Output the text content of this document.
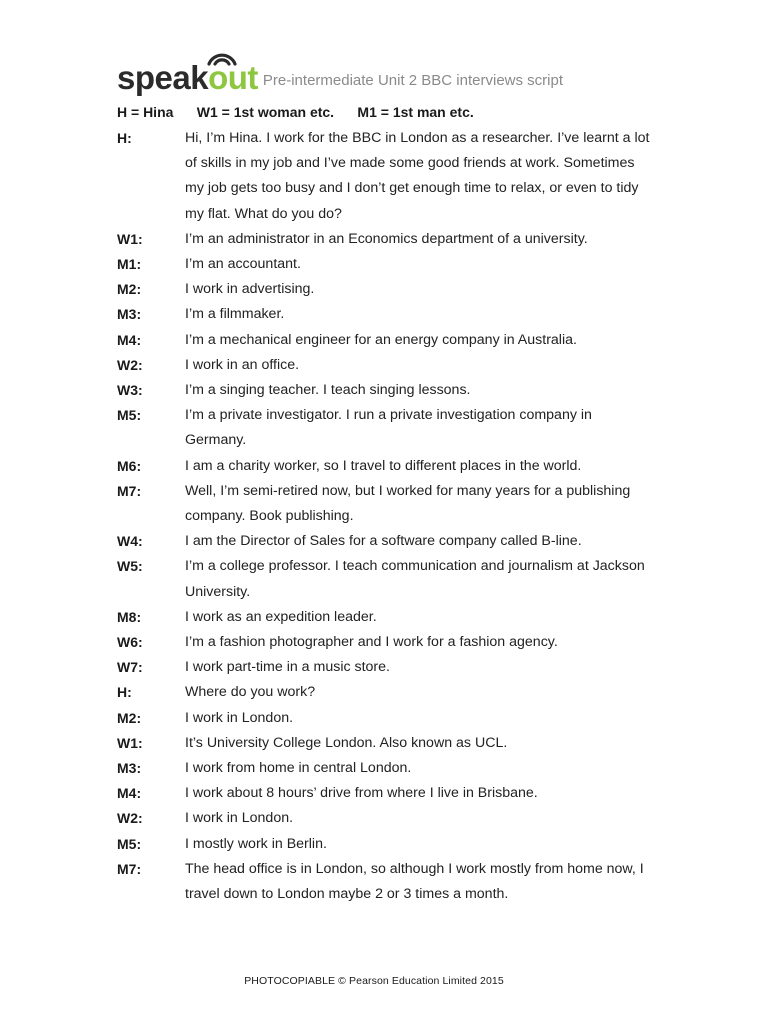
speak out Pre-intermediate Unit 2 BBC interviews script
H = Hina W1 = 1st woman etc. M1 = 1st man etc.
H:	Hi, I’m Hina. I work for the BBC in London as a researcher. I’ve learnt a lot of skills in my job and I’ve made some good friends at work. Sometimes my job gets too busy and I don’t get enough time to relax, or even to tidy my flat. What do you do?
W1:	I’m an administrator in an Economics department of a university.
M1:	I’m an accountant.
M2:	I work in advertising.
M3:	I’m a filmmaker.
M4:	I’m a mechanical engineer for an energy company in Australia.
W2:	I work in an office.
W3:	I’m a singing teacher. I teach singing lessons.
M5:	I’m a private investigator. I run a private investigation company in Germany.
M6:	I am a charity worker, so I travel to different places in the world.
M7:	Well, I’m semi-retired now, but I worked for many years for a publishing company. Book publishing.
W4:	I am the Director of Sales for a software company called B-line.
W5:	I’m a college professor. I teach communication and journalism at Jackson University.
M8:	I work as an expedition leader.
W6:	I’m a fashion photographer and I work for a fashion agency.
W7:	I work part-time in a music store.
H:	Where do you work?
M2:	I work in London.
W1:	It’s University College London. Also known as UCL.
M3:	I work from home in central London.
M4:	I work about 8 hours’ drive from where I live in Brisbane.
W2:	I work in London.
M5:	I mostly work in Berlin.
M7:	The head office is in London, so although I work mostly from home now, I travel down to London maybe 2 or 3 times a month.
PHOTOCOPIABLE © Pearson Education Limited 2015
